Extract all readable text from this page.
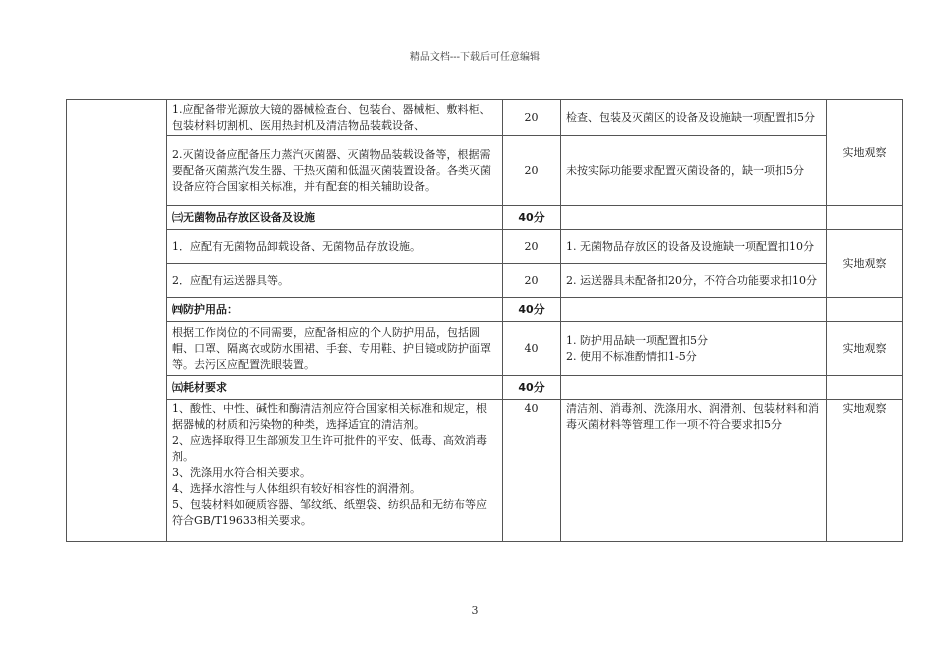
精品文档---下载后可任意编辑
	1.应配备带光源放大镜的器械检查台、包装台、器械柜、敷料柜、包装材料切割机、医用热封机及清洁物品装载设备、	20	检查、包装及灭菌区的设备及设施缺一项配置扣5分	实地观察
	2.灭菌设备应配备压力蒸汽灭菌器、灭菌物品装载设备等，根据需要配备灭菌蒸汽发生器、干热灭菌和低温灭菌装置设备。各类灭菌设备应符合国家相关标准，并有配套的相关辅助设备。	20	未按实际功能要求配置灭菌设备的，缺一项扣5分	
	㈢无菌物品存放区设备及设施	40分		
	1．应配有无菌物品卸载设备、无菌物品存放设施。	20	1. 无菌物品存放区的设备及设施缺一项配置扣10分	实地观察
	2．应配有运送器具等。	20	2. 运送器具未配备扣20分，不符合功能要求扣10分	
	㈣防护用品：	40分		
	根据工作岗位的不同需要，应配备相应的个人防护用品，包括圆帽、口罩、隔离衣或防水围裙、手套、专用鞋、护目镜或防护面罩等。去污区应配置洗眼装置。	40	1. 防护用品缺一项配置扣5分
2. 使用不标准酌情扣1-5分	实地观察
	㈤耗材要求	40分		

	1、酸性、中性、碱性和酶清洁剂应符合国家相关标准和规定，根据器械的材质和污染物的种类，选择适宜的清洁剂。
2、应选择取得卫生部颁发卫生许可批件的平安、低毒、高效消毒剂。
3、洗涤用水符合相关要求。
4、选择水溶性与人体组织有较好相容性的润滑剂。
5、包装材料如硬质容器、邹纹纸、纸塑袋、纺织品和无纺布等应符合GB/T19633相关要求。	40	清洁剂、消毒剂、洗涤用水、润滑剂、包装材料和消毒灭菌材料等管理工作一项不符合要求扣5分	实地观察
3
